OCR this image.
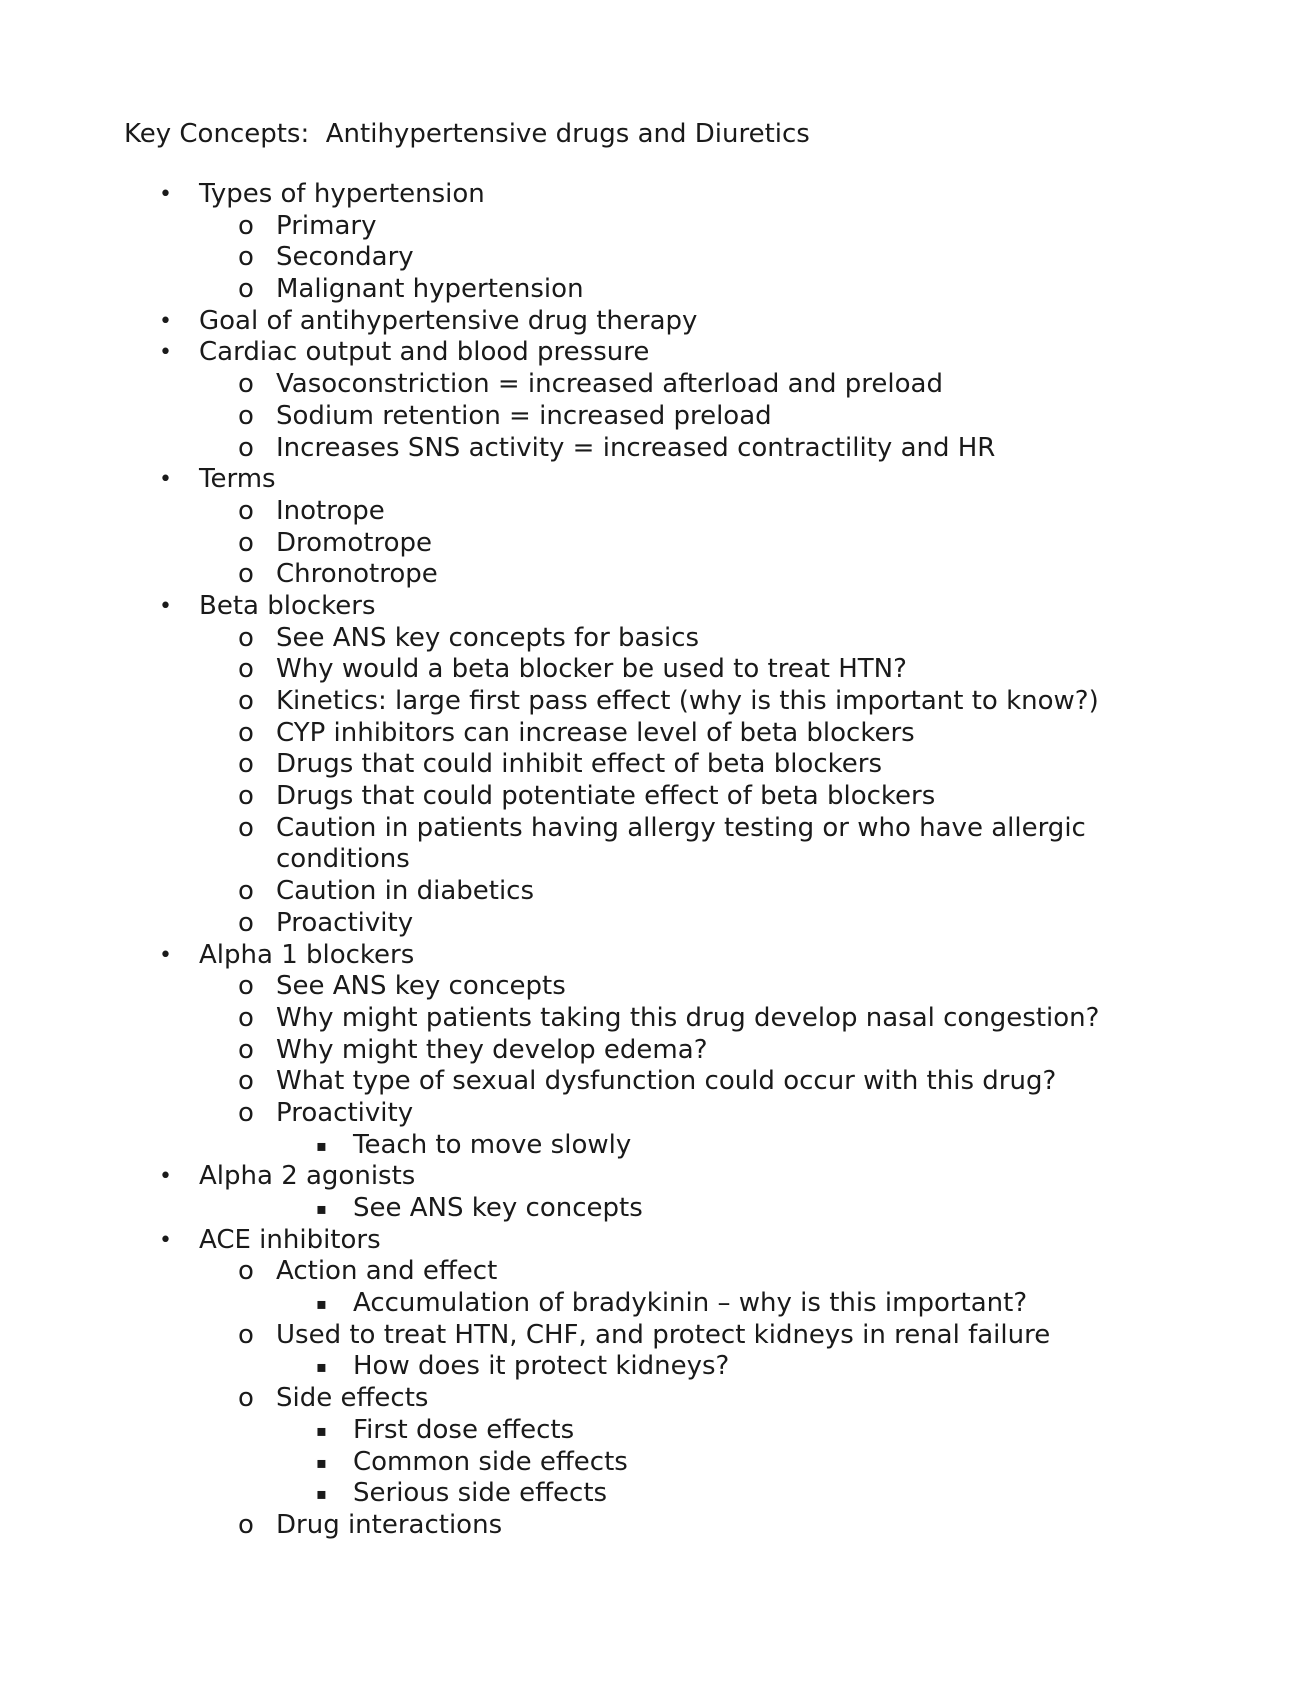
Key Concepts:  Antihypertensive drugs and Diuretics
• Types of hypertension
o Primary
o Secondary
o Malignant hypertension
• Goal of antihypertensive drug therapy
• Cardiac output and blood pressure
o Vasoconstriction = increased afterload and preload
o Sodium retention = increased preload
o Increases SNS activity = increased contractility and HR
• Terms
o Inotrope
o Dromotrope
o Chronotrope
• Beta blockers
o See ANS key concepts for basics
o Why would a beta blocker be used to treat HTN?
o Kinetics: large first pass effect (why is this important to know?)
o CYP inhibitors can increase level of beta blockers
o Drugs that could inhibit effect of beta blockers
o Drugs that could potentiate effect of beta blockers
o Caution in patients having allergy testing or who have allergic conditions
o Caution in diabetics
o Proactivity
• Alpha 1 blockers
o See ANS key concepts
o Why might patients taking this drug develop nasal congestion?
o Why might they develop edema?
o What type of sexual dysfunction could occur with this drug?
o Proactivity
▪ Teach to move slowly
• Alpha 2 agonists
▪ See ANS key concepts
• ACE inhibitors
o Action and effect
▪ Accumulation of bradykinin – why is this important?
o Used to treat HTN, CHF, and protect kidneys in renal failure
▪ How does it protect kidneys?
o Side effects
▪ First dose effects
▪ Common side effects
▪ Serious side effects
o Drug interactions
